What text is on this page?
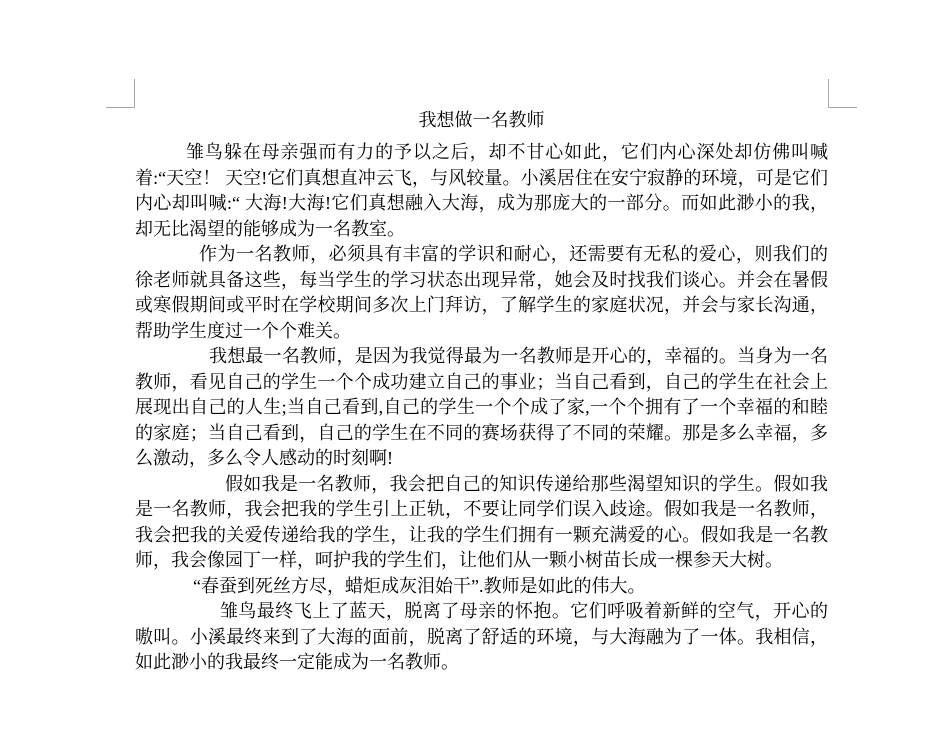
我想做一名教师

雏鸟躲在母亲强而有力的予以之后，却不甘心如此，它们内心深处却仿佛叫喊着:“天空！ 天空!它们真想直冲云飞，与风较量。小溪居住在安宁寂静的环境，可是它们内心却叫喊:“ 大海!大海!它们真想融入大海，成为那庞大的一部分。而如此渺小的我，却无比渴望的能够成为一名教室。

作为一名教师，必须具有丰富的学识和耐心，还需要有无私的爱心，则我们的徐老师就具备这些，每当学生的学习状态出现异常，她会及时找我们谈心。并会在暑假或寒假期间或平时在学校期间多次上门拜访，了解学生的家庭状况，并会与家长沟通，帮助学生度过一个个难关。

我想最一名教师，是因为我觉得最为一名教师是开心的，幸福的。当身为一名教师，看见自己的学生一个个成功建立自己的事业；当自己看到，自己的学生在社会上展现出自己的人生;当自己看到,自己的学生一个个成了家,一个个拥有了一个幸福的和睦的家庭；当自己看到，自己的学生在不同的赛场获得了不同的荣耀。那是多么幸福，多么激动，多么令人感动的时刻啊!

假如我是一名教师，我会把自己的知识传递给那些渴望知识的学生。假如我是一名教师，我会把我的学生引上正轨，不要让同学们误入歧途。假如我是一名教师，我会把我的关爱传递给我的学生，让我的学生们拥有一颗充满爱的心。假如我是一名教师，我会像园丁一样，呵护我的学生们，让他们从一颗小树苗长成一棵参天大树。

“春蚕到死丝方尽，蜡炬成灰泪始干”.教师是如此的伟大。

雏鸟最终飞上了蓝天，脱离了母亲的怀抱。它们呼吸着新鲜的空气，开心的嗷叫。小溪最终来到了大海的面前，脱离了舒适的环境，与大海融为了一体。我相信，如此渺小的我最终一定能成为一名教师。
